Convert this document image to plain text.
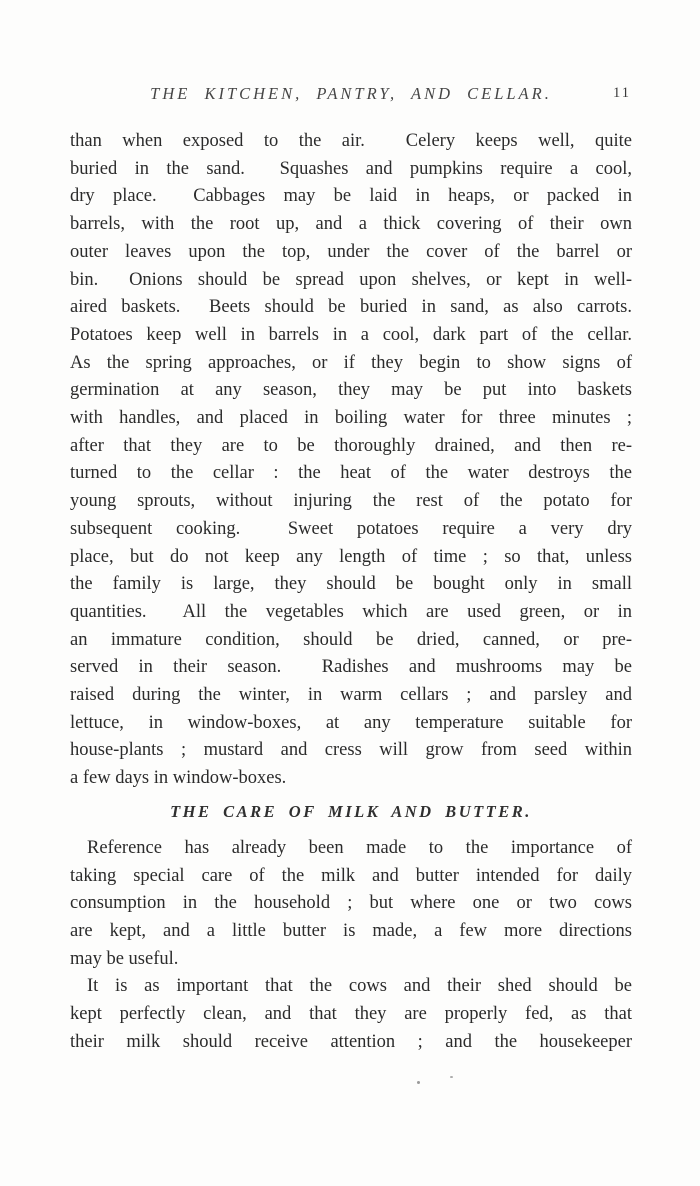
THE KITCHEN, PANTRY, AND CELLAR.	11
than when exposed to the air.  Celery keeps well, quite
buried in the sand.  Squashes and pumpkins require a cool,
dry place.  Cabbages may be laid in heaps, or packed in
barrels, with the root up, and a thick covering of their own
outer leaves upon the top, under the cover of the barrel or
bin.  Onions should be spread upon shelves, or kept in well-
aired baskets.  Beets should be buried in sand, as also carrots.
Potatoes keep well in barrels in a cool, dark part of the cellar.
As the spring approaches, or if they begin to show signs of
germination at any season, they may be put into baskets
with handles, and placed in boiling water for three minutes ;
after that they are to be thoroughly drained, and then re-
turned to the cellar : the heat of the water destroys the
young sprouts, without injuring the rest of the potato for
subsequent cooking.  Sweet potatoes require a very dry
place, but do not keep any length of time ; so that, unless
the family is large, they should be bought only in small
quantities.  All the vegetables which are used green, or in
an immature condition, should be dried, canned, or pre-
served in their season.  Radishes and mushrooms may be
raised during the winter, in warm cellars ; and parsley and
lettuce, in window-boxes, at any temperature suitable for
house-plants ; mustard and cress will grow from seed within
a few days in window-boxes.
THE CARE OF MILK AND BUTTER.
Reference has already been made to the importance of
taking special care of the milk and butter intended for daily
consumption in the household ; but where one or two cows
are kept, and a little butter is made, a few more directions
may be useful.
It is as important that the cows and their shed should be
kept perfectly clean, and that they are properly fed, as that
their milk should receive attention ; and the housekeeper
